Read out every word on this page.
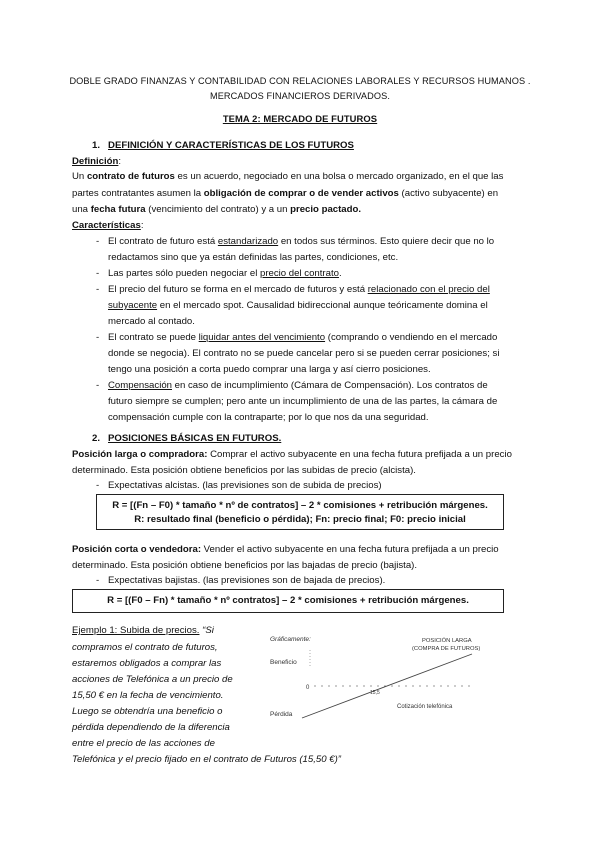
DOBLE GRADO FINANZAS Y CONTABILIDAD CON RELACIONES LABORALES Y RECURSOS HUMANOS .
MERCADOS FINANCIEROS DERIVADOS.
TEMA 2: MERCADO DE FUTUROS
1. DEFINICIÓN Y CARACTERÍSTICAS DE LOS FUTUROS
Definición:
Un contrato de futuros es un acuerdo, negociado en una bolsa o mercado organizado, en el que las
partes contratantes asumen la obligación de comprar o de vender activos (activo subyacente) en
una fecha futura (vencimiento del contrato) y a un precio pactado.
Características:
- El contrato de futuro está estandarizado en todos sus términos. Esto quiere decir que no lo
redactamos sino que ya están definidas las partes, condiciones, etc.
- Las partes sólo pueden negociar el precio del contrato.
- El precio del futuro se forma en el mercado de futuros y está relacionado con el precio del
subyacente en el mercado spot. Causalidad bidireccional aunque teóricamente domina el
mercado al contado.
- El contrato se puede liquidar antes del vencimiento (comprando o vendiendo en el mercado
donde se negocia). El contrato no se puede cancelar pero si se pueden cerrar posiciones; si
tengo una posición a corta puedo comprar una larga y así cierro posiciones.
- Compensación en caso de incumplimiento (Cámara de Compensación). Los contratos de
futuro siempre se cumplen; pero ante un incumplimiento de una de las partes, la cámara de
compensación cumple con la contraparte; por lo que nos da una seguridad.
2. POSICIONES BÁSICAS EN FUTUROS.
Posición larga o compradora: Comprar el activo subyacente en una fecha futura prefijada a un precio
determinado. Esta posición obtiene beneficios por las subidas de precio (alcista).
- Expectativas alcistas. (las previsiones son de subida de precios)
R = [(Fn – F0) * tamaño * nº de contratos] – 2 * comisiones + retribución márgenes.
R: resultado final (beneficio o pérdida); Fn: precio final; F0: precio inicial
Posición corta o vendedora: Vender el activo subyacente en una fecha futura prefijada a un precio
determinado. Esta posición obtiene beneficios por las bajadas de precio (bajista).
- Expectativas bajistas. (las previsiones son de bajada de precios).
R = [(F0 – Fn) * tamaño * nº contratos] – 2 * comisiones + retribución márgenes.
Ejemplo 1: Subida de precios. “Si
compramos el contrato de futuros,
estaremos obligados a comprar las
acciones de Telefónica a un precio de
15,50 € en la fecha de vencimiento.
Luego se obtendría una beneficio o
pérdida dependiendo de la diferencia
entre el precio de las acciones de
Telefónica y el precio fijado en el contrato de Futuros (15,50 €)”
Gráficamente:
Beneficio
Pérdida
0
15,5
POSICIÓN LARGA
(COMPRA DE FUTUROS)
Cotización telefónica
